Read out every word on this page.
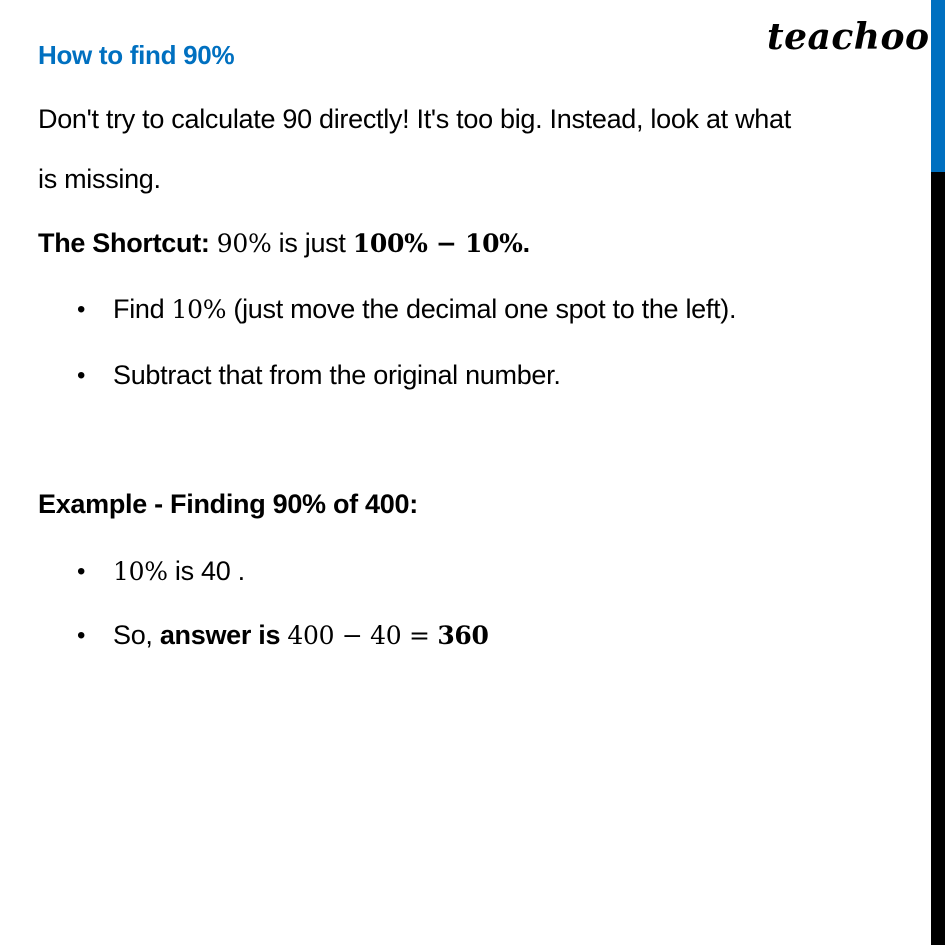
teachoo
How to find 90%
Don't try to calculate 90 directly! It's too big. Instead, look at what
is missing.
The Shortcut: 90% is just 100% − 10%.
• Find 10% (just move the decimal one spot to the left).
• Subtract that from the original number.
Example - Finding 90% of 400:
• 10% is 40 .
• So, answer is 400 − 40 = 360
